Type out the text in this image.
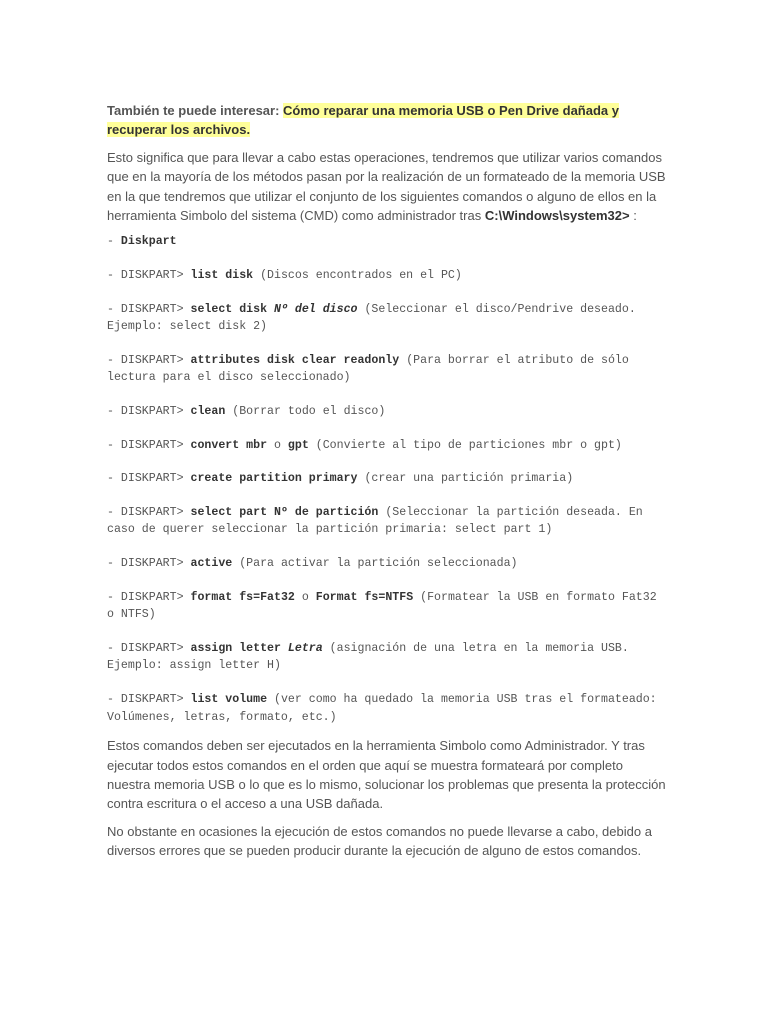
También te puede interesar: Cómo reparar una memoria USB o Pen Drive dañada y recuperar los archivos.

Esto significa que para llevar a cabo estas operaciones, tendremos que utilizar varios comandos que en la mayoría de los métodos pasan por la realización de un formateado de la memoria USB en la que tendremos que utilizar el conjunto de los siguientes comandos o alguno de ellos en la herramienta Simbolo del sistema (CMD) como administrador tras C:\Windows\system32> :

- Diskpart

- DISKPART> list disk (Discos encontrados en el PC)

- DISKPART> select disk Nº del disco (Seleccionar el disco/Pendrive deseado. Ejemplo: select disk 2)

- DISKPART> attributes disk clear readonly (Para borrar el atributo de sólo lectura para el disco seleccionado)

- DISKPART> clean (Borrar todo el disco)

- DISKPART> convert mbr o gpt (Convierte al tipo de particiones mbr o gpt)

- DISKPART> create partition primary (crear una partición primaria)

- DISKPART> select part Nº de partición (Seleccionar la partición deseada. En caso de querer seleccionar la partición primaria: select part 1)

- DISKPART> active (Para activar la partición seleccionada)

- DISKPART> format fs=Fat32 o Format fs=NTFS (Formatear la USB en formato Fat32 o NTFS)

- DISKPART> assign letter Letra (asignación de una letra en la memoria USB. Ejemplo: assign letter H)

- DISKPART> list volume (ver como ha quedado la memoria USB tras el formateado: Volúmenes, letras, formato, etc.)

Estos comandos deben ser ejecutados en la herramienta Simbolo como Administrador. Y tras ejecutar todos estos comandos en el orden que aquí se muestra formateará por completo nuestra memoria USB o lo que es lo mismo, solucionar los problemas que presenta la protección contra escritura o el acceso a una USB dañada.

No obstante en ocasiones la ejecución de estos comandos no puede llevarse a cabo, debido a diversos errores que se pueden producir durante la ejecución de alguno de estos comandos.
